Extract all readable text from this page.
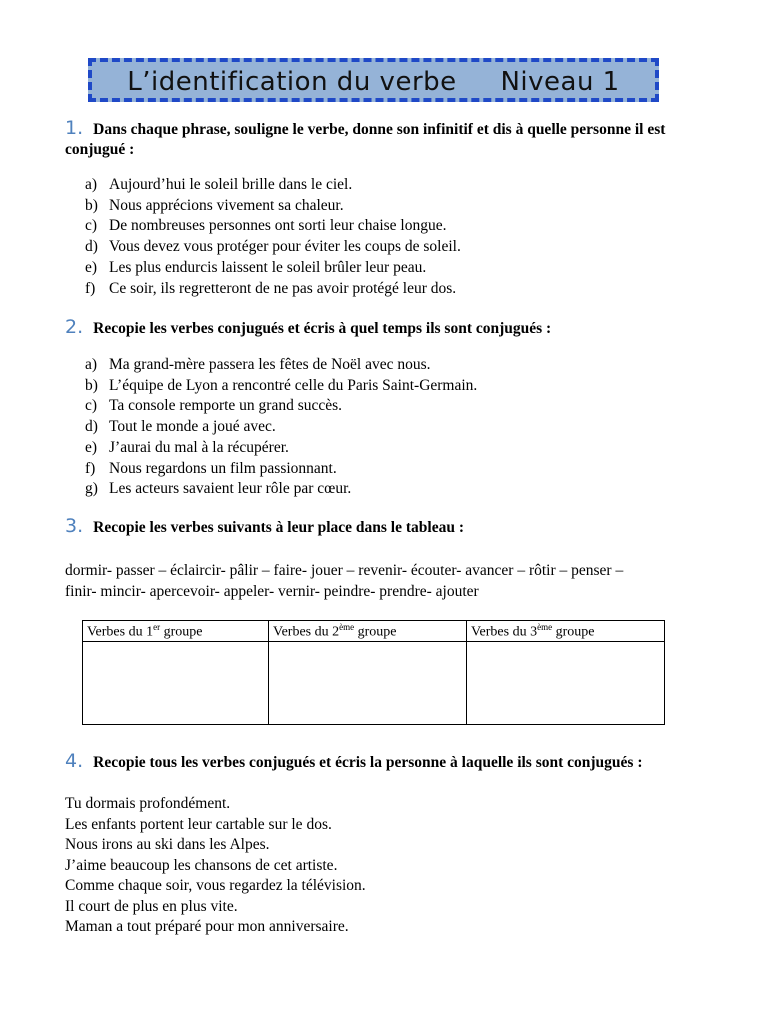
L’identification du verbe     Niveau 1
1. Dans chaque phrase, souligne le verbe, donne son infinitif et dis à quelle personne il est conjugué :
a) Aujourd’hui le soleil brille dans le ciel.
b) Nous apprécions vivement sa chaleur.
c) De nombreuses personnes ont sorti leur chaise longue.
d) Vous devez vous protéger pour éviter les coups de soleil.
e) Les plus endurcis laissent le soleil brûler leur peau.
f) Ce soir, ils regretteront de ne pas avoir protégé leur dos.
2. Recopie les verbes conjugués et écris à quel temps ils sont conjugués :
a) Ma grand-mère passera les fêtes de Noël avec nous.
b) L’équipe de Lyon a rencontré celle du Paris Saint-Germain.
c) Ta console remporte un grand succès.
d) Tout le monde a joué avec.
e) J’aurai du mal à la récupérer.
f) Nous regardons un film passionnant.
g) Les acteurs savaient leur rôle par cœur.
3. Recopie les verbes suivants à leur place dans le tableau :
dormir- passer – éclaircir- pâlir – faire- jouer – revenir- écouter- avancer – rôtir – penser –
finir- mincir- apercevoir- appeler- vernir- peindre- prendre- ajouter
Verbes du 1er groupe	Verbes du 2ème groupe	Verbes du 3ème groupe

4. Recopie tous les verbes conjugués et écris la personne à laquelle ils sont conjugués :
Tu dormais profondément.
Les enfants portent leur cartable sur le dos.
Nous irons au ski dans les Alpes.
J’aime beaucoup les chansons de cet artiste.
Comme chaque soir, vous regardez la télévision.
Il court de plus en plus vite.
Maman a tout préparé pour mon anniversaire.
